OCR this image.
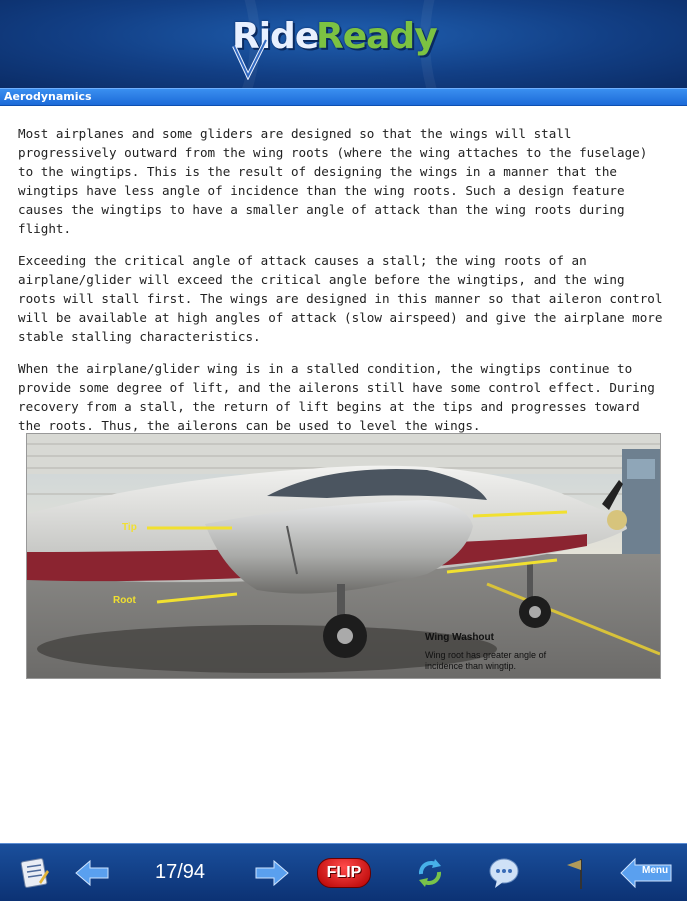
Ride
Ready
Aerodynamics

Most airplanes and some gliders are designed so that the wings will stall progressively outward from the wing roots (where the wing attaches to the fuselage) to the wingtips. This is the result of designing the wings in a manner that the wingtips have less angle of incidence than the wing roots. Such a design feature causes the wingtips to have a smaller angle of attack than the wing roots during flight.

Exceeding the critical angle of attack causes a stall; the wing roots of an airplane/glider will exceed the critical angle before the wingtips, and the wing roots will stall first. The wings are designed in this manner so that aileron control will be available at high angles of attack (slow airspeed) and give the airplane more stable stalling characteristics.

When the airplane/glider wing is in a stalled condition, the wingtips continue to provide some degree of lift, and the ailerons still have some control effect. During recovery from a stall, the return of lift begins at the tips and progresses toward the roots. Thus, the ailerons can be used to level the wings.

Tip
Root
Wing Washout
Wing root has greater angle of incidence than wingtip.
17/94	FLIP	Menu
